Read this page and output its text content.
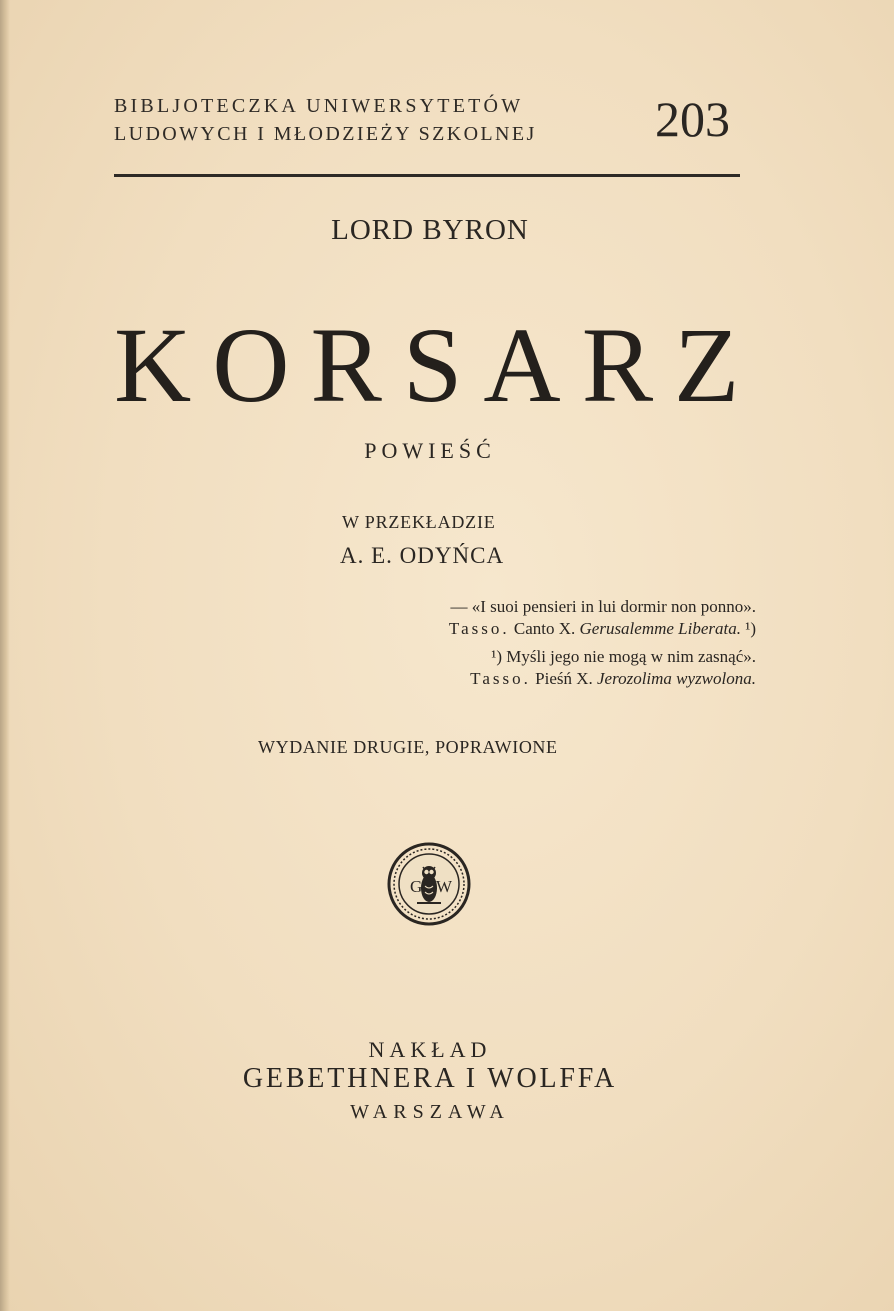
BIBLJOTECZKA UNIWERSYTETÓW
LUDOWYCH I MŁODZIEŻY SZKOLNEJ 203
LORD BYRON
KORSARZ
POWIEŚĆ
W PRZEKŁADZIE
A. E. ODYŃCA

— «I suoi pensieri in lui dormir non ponno».

Tasso. Canto X. Gerusalemme Liberata. ¹)

¹) Myśli jego nie mogą w nim zasnąć».

Tasso. Pieśń X. Jerozolima wyzwolona.

WYDANIE DRUGIE, POPRAWIONE
G W
NAKŁAD
GEBETHNERA I WOLFFA
WARSZAWA
